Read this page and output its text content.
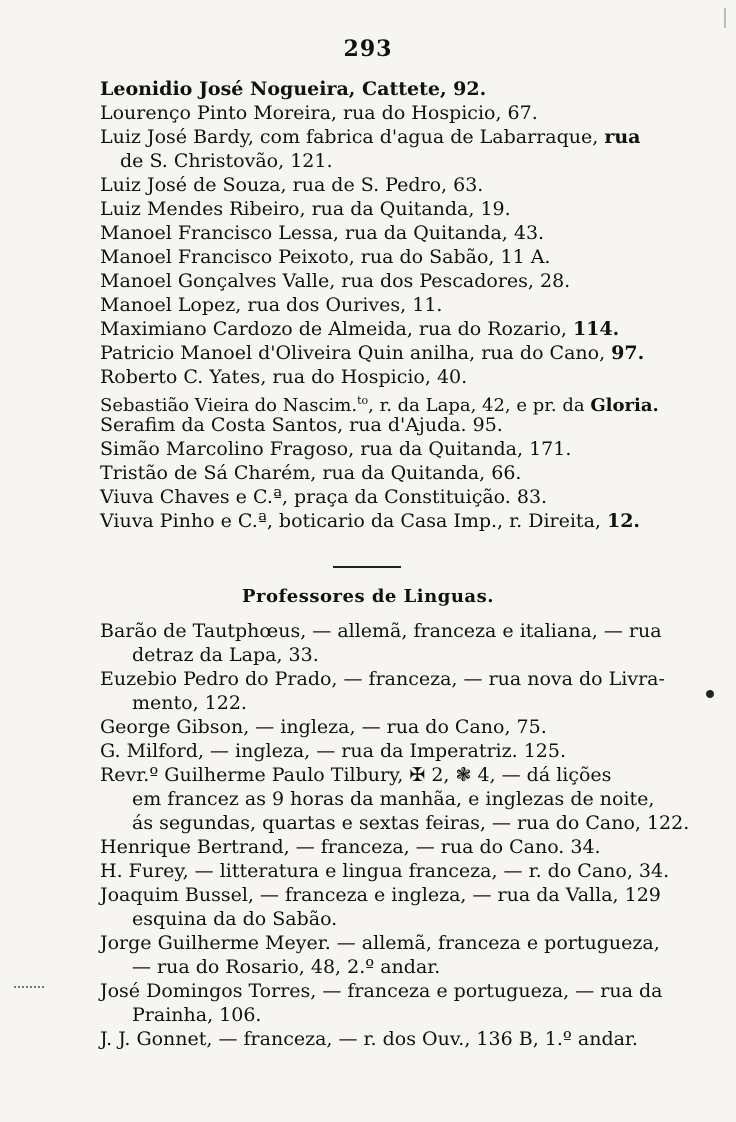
293
Leonidio José Nogueira, Cattete, 92.
Lourenço Pinto Moreira, rua do Hospicio, 67.
Luiz José Bardy, com fabrica d'agua de Labarraque, rua
de S. Christovão, 121.
Luiz José de Souza, rua de S. Pedro, 63.
Luiz Mendes Ribeiro, rua da Quitanda, 19.
Manoel Francisco Lessa, rua da Quitanda, 43.
Manoel Francisco Peixoto, rua do Sabão, 11 A.
Manoel Gonçalves Valle, rua dos Pescadores, 28.
Manoel Lopez, rua dos Ourives, 11.
Maximiano Cardozo de Almeida, rua do Rozario, 114.
Patricio Manoel d'Oliveira Quin anilha, rua do Cano, 97.
Roberto C. Yates, rua do Hospicio, 40.
Sebastião Vieira do Nascim.$^{to}$, r. da Lapa, 42, e pr. da Gloria.
Serafim da Costa Santos, rua d'Ajuda. 95.
Simão Marcolino Fragoso, rua da Quitanda, 171.
Tristão de Sá Charém, rua da Quitanda, 66.
Viuva Chaves e C.ª, praça da Constituição. 83.
Viuva Pinho e C.ª, boticario da Casa Imp., r. Direita, 12.
Professores de Linguas.
Barão de Tautphœus, — allemã, franceza e italiana, — rua
detraz da Lapa, 33.
Euzebio Pedro do Prado, — franceza, — rua nova do Livra-
mento, 122.
George Gibson, — ingleza, — rua do Cano, 75.
G. Milford, — ingleza, — rua da Imperatriz. 125.
Revr.º Guilherme Paulo Tilbury, ✠ 2, ❃ 4, — dá lições
em francez as 9 horas da manhãa, e inglezas de noite,
ás segundas, quartas e sextas feiras, — rua do Cano, 122.
Henrique Bertrand, — franceza, — rua do Cano. 34.
H. Furey, — litteratura e lingua franceza, — r. do Cano, 34.
Joaquim Bussel, — franceza e ingleza, — rua da Valla, 129
esquina da do Sabão.
Jorge Guilherme Meyer. — allemã, franceza e portugueza,
— rua do Rosario, 48, 2.º andar.
José Domingos Torres, — franceza e portugueza, — rua da
Prainha, 106.
J. J. Gonnet, — franceza, — r. dos Ouv., 136 B, 1.º andar.
